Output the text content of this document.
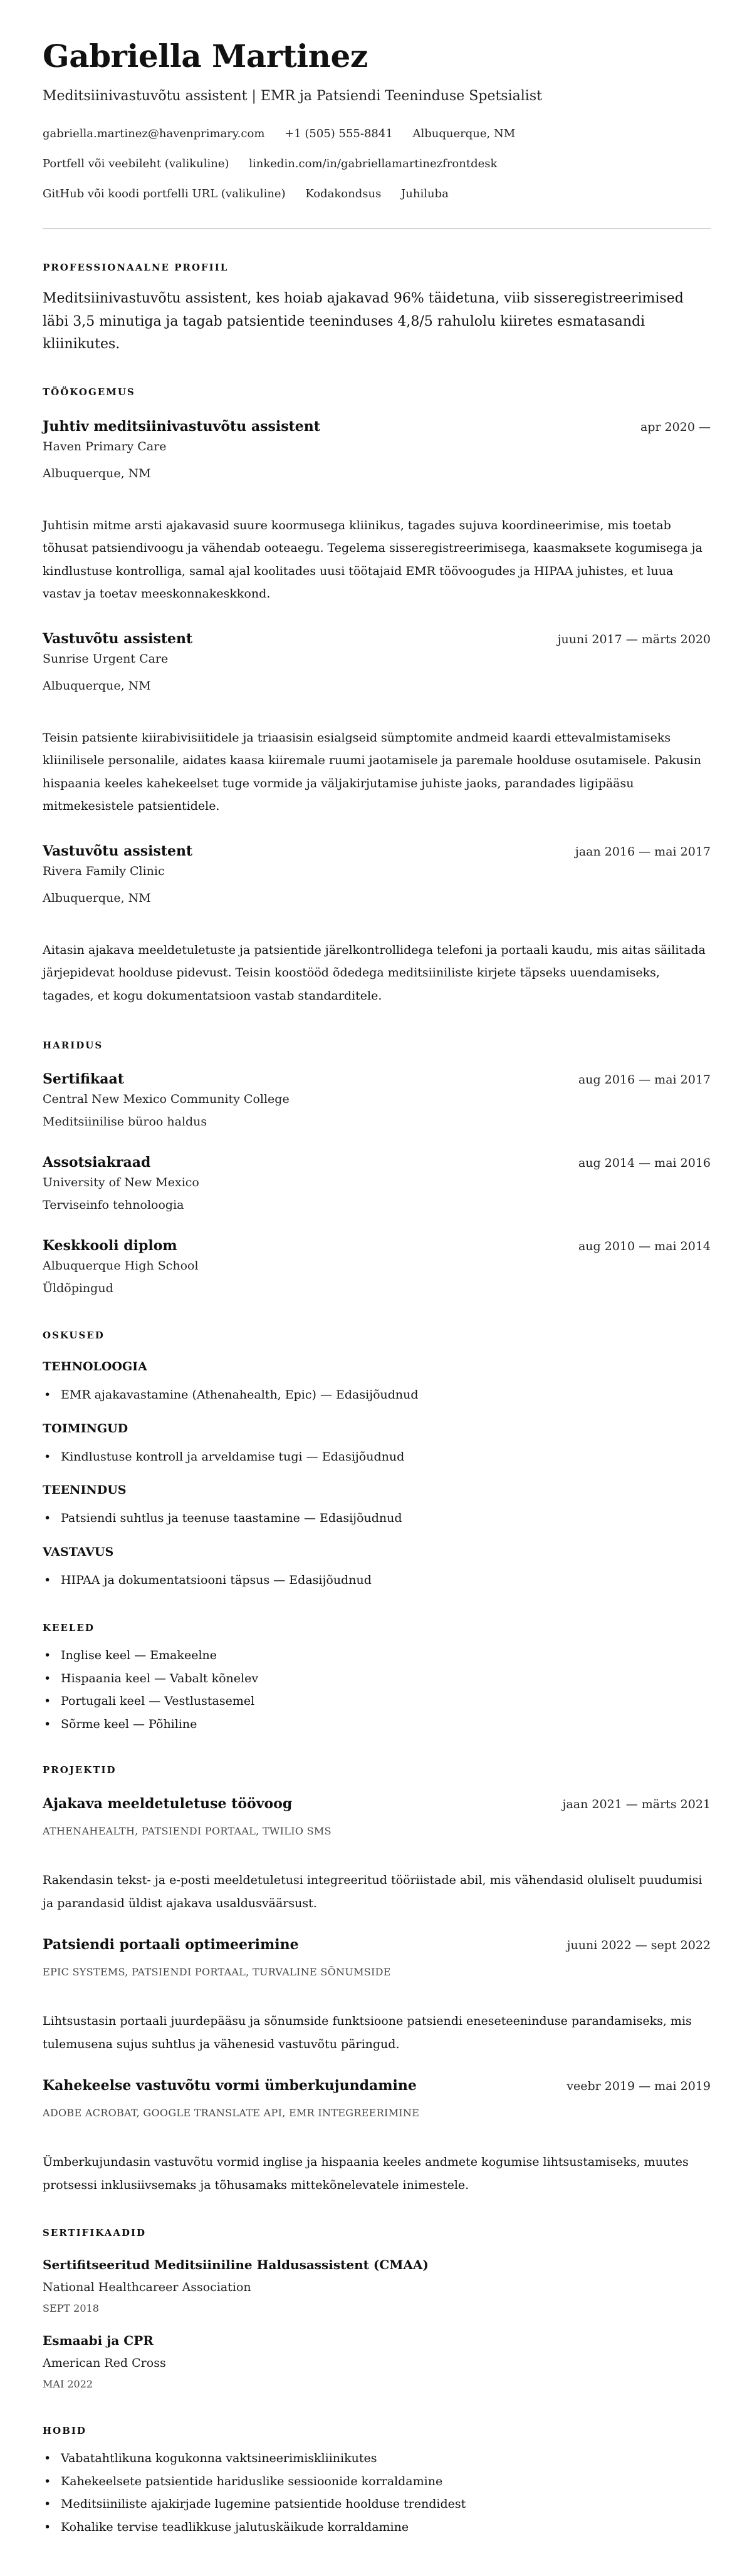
Gabriella Martinez
Meditsiinivastuvõtu assistent | EMR ja Patsiendi Teeninduse Spetsialist
gabriella.martinez@havenprimary.com +1 (505) 555-8841 Albuquerque, NM
Portfell või veebileht (valikuline) linkedin.com/in/gabriellamartinezfrontdesk
GitHub või koodi portfelli URL (valikuline) Kodakondsus Juhiluba
PROFESSIONAALNE PROFIIL

Meditsiinivastuvõtu assistent, kes hoiab ajakavad 96% täidetuna, viib sisseregistreerimised läbi 3,5 minutiga ja tagab patsientide teeninduses 4,8/5 rahulolu kiiretes esmatasandi kliinikutes.

TÖÖKOGEMUS
Juhtiv meditsiinivastuvõtu assistent	apr 2020 —
Haven Primary Care
Albuquerque, NM
Juhtisin mitme arsti ajakavasid suure koormusega kliinikus, tagades sujuva koordineerimise, mis toetab tõhusat patsiendivoogu ja vähendab ooteaegu. Tegelema sisseregistreerimisega, kaasmaksete kogumisega ja kindlustuse kontrolliga, samal ajal koolitades uusi töötajaid EMR töövoogudes ja HIPAA juhistes, et luua vastav ja toetav meeskonnakeskkond.
Vastuvõtu assistent	juuni 2017 — märts 2020
Sunrise Urgent Care
Albuquerque, NM
Teisin patsiente kiirabivisiitidele ja triaasisin esialgseid sümptomite andmeid kaardi ettevalmistamiseks kliinilisele personalile, aidates kaasa kiiremale ruumi jaotamisele ja paremale hoolduse osutamisele. Pakusin hispaania keeles kahekeelset tuge vormide ja väljakirjutamise juhiste jaoks, parandades ligipääsu mitmekesistele patsientidele.
Vastuvõtu assistent	jaan 2016 — mai 2017
Rivera Family Clinic
Albuquerque, NM
Aitasin ajakava meeldetuletuste ja patsientide järelkontrollidega telefoni ja portaali kaudu, mis aitas säilitada järjepidevat hoolduse pidevust. Teisin koostööd õdedega meditsiiniliste kirjete täpseks uuendamiseks, tagades, et kogu dokumentatsioon vastab standarditele.
HARIDUS
Sertifikaat	aug 2016 — mai 2017
Central New Mexico Community College
Meditsiinilise büroo haldus
Assotsiakraad	aug 2014 — mai 2016
University of New Mexico
Terviseinfo tehnoloogia
Keskkooli diplom	aug 2010 — mai 2014
Albuquerque High School
Üldõpingud
OSKUSED
TEHNOLOOGIA
• EMR ajakavastamine (Athenahealth, Epic) — Edasijõudnud
TOIMINGUD
• Kindlustuse kontroll ja arveldamise tugi — Edasijõudnud
TEENINDUS
• Patsiendi suhtlus ja teenuse taastamine — Edasijõudnud
VASTAVUS
• HIPAA ja dokumentatsiooni täpsus — Edasijõudnud
KEELED
• Inglise keel — Emakeelne
• Hispaania keel — Vabalt kõnelev
• Portugali keel — Vestlustasemel
• Sõrme keel — Põhiline
PROJEKTID
Ajakava meeldetuletuse töövoog	jaan 2021 — märts 2021
ATHENAHEALTH, PATSIENDI PORTAAL, TWILIO SMS
Rakendasin tekst- ja e-posti meeldetuletusi integreeritud tööriistade abil, mis vähendasid oluliselt puudumisi ja parandasid üldist ajakava usaldusväärsust.
Patsiendi portaali optimeerimine	juuni 2022 — sept 2022
EPIC SYSTEMS, PATSIENDI PORTAAL, TURVALINE SÕNUMSIDE
Lihtsustasin portaali juurdepääsu ja sõnumside funktsioone patsiendi eneseteeninduse parandamiseks, mis tulemusena sujus suhtlus ja vähenesid vastuvõtu päringud.
Kahekeelse vastuvõtu vormi ümberkujundamine	veebr 2019 — mai 2019
ADOBE ACROBAT, GOOGLE TRANSLATE API, EMR INTEGREERIMINE
Ümberkujundasin vastuvõtu vormid inglise ja hispaania keeles andmete kogumise lihtsustamiseks, muutes protsessi inklusiivsemaks ja tõhusamaks mittekõnelevatele inimestele.
SERTIFIKAADID
Sertifitseeritud Meditsiiniline Haldusassistent (CMAA)
National Healthcareer Association
SEPT 2018
Esmaabi ja CPR
American Red Cross
MAI 2022
HOBID
• Vabatahtlikuna kogukonna vaktsineerimiskliinikutes
• Kahekeelsete patsientide hariduslike sessioonide korraldamine
• Meditsiiniliste ajakirjade lugemine patsientide hoolduse trendidest
• Kohalike tervise teadlikkuse jalutuskäikude korraldamine
